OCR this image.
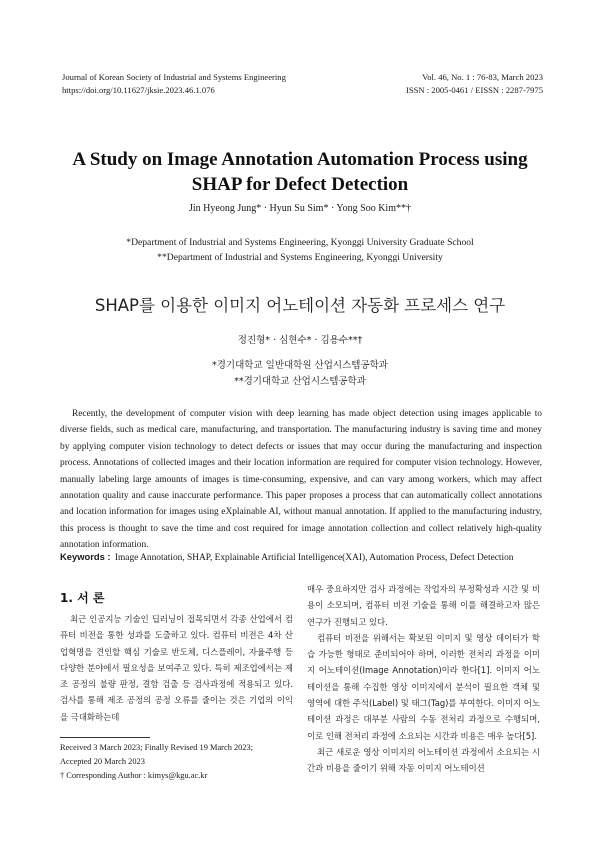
Journal of Korean Society of Industrial and Systems Engineering
https://doi.org/10.11627/jksie.2023.46.1.076
Vol. 46, No. 1 : 76-83, March 2023
ISSN : 2005-0461 / EISSN : 2287-7975
A Study on Image Annotation Automation Process using
SHAP for Defect Detection
Jin Hyeong Jung* · Hyun Su Sim* · Yong Soo Kim**†
*Department of Industrial and Systems Engineering, Kyonggi University Graduate School
**Department of Industrial and Systems Engineering, Kyonggi University
SHAP를 이용한 이미지 어노테이션 자동화 프로세스 연구
정진형* · 심현수* · 김용수**†
*경기대학교 일반대학원 산업시스템공학과
**경기대학교 산업시스템공학과

Recently, the development of computer vision with deep learning has made object detection using images applicable to diverse fields, such as medical care, manufacturing, and transportation. The manufacturing industry is saving time and money by applying computer vision technology to detect defects or issues that may occur during the manufacturing and inspection process. Annotations of collected images and their location information are required for computer vision technology. However, manually labeling large amounts of images is time-consuming, expensive, and can vary among workers, which may affect annotation quality and cause inaccurate performance. This paper proposes a process that can automatically collect annotations and location information for images using eXplainable AI, without manual annotation. If applied to the manufacturing industry, this process is thought to save the time and cost required for image annotation collection and collect relatively high-quality annotation information.

Keywords : Image Annotation, SHAP, Explainable Artificial Intelligence(XAI), Automation Process, Defect Detection
1. 서 론

최근 인공지능 기술인 딥러닝이 접목되면서 각종 산업에서 컴퓨터 비전을 통한 성과를 도출하고 있다. 컴퓨터 비전은 4차 산업혁명을 견인할 핵심 기술로 반도체, 디스플레이, 자율주행 등 다양한 분야에서 필요성을 보여주고 있다. 특히 제조업에서는 제조 공정의 불량 판정, 결함 검출 등 검사과정에 적용되고 있다. 검사를 통해 제조 공정의 공정 오류를 줄이는 것은 기업의 이익을 극대화하는데

매우 중요하지만 검사 과정에는 작업자의 부정확성과 시간 및 비용이 소모되며, 컴퓨터 비전 기술을 통해 이를 해결하고자 많은 연구가 진행되고 있다.

컴퓨터 비전을 위해서는 확보된 이미지 및 영상 데이터가 학습 가능한 형태로 준비되어야 하며, 이러한 전처리 과정을 이미지 어노테이션(Image Annotation)이라 한다[1]. 이미지 어노테이션을 통해 수집한 영상 이미지에서 분석이 필요한 객체 및 영역에 대한 주석(Label) 및 태그(Tag)를 부여한다. 이미지 어노테이션 과정은 대부분 사람의 수동 전처리 과정으로 수행되며, 이로 인해 전처리 과정에 소요되는 시간과 비용은 매우 높다[5].

최근 새로운 영상 이미지의 어노테이션 과정에서 소요되는 시간과 비용을 줄이기 위해 자동 이미지 어노테이션

Received 3 March 2023; Finally Revised 19 March 2023;
Accepted 20 March 2023
† Corresponding Author : kimys@kgu.ac.kr
